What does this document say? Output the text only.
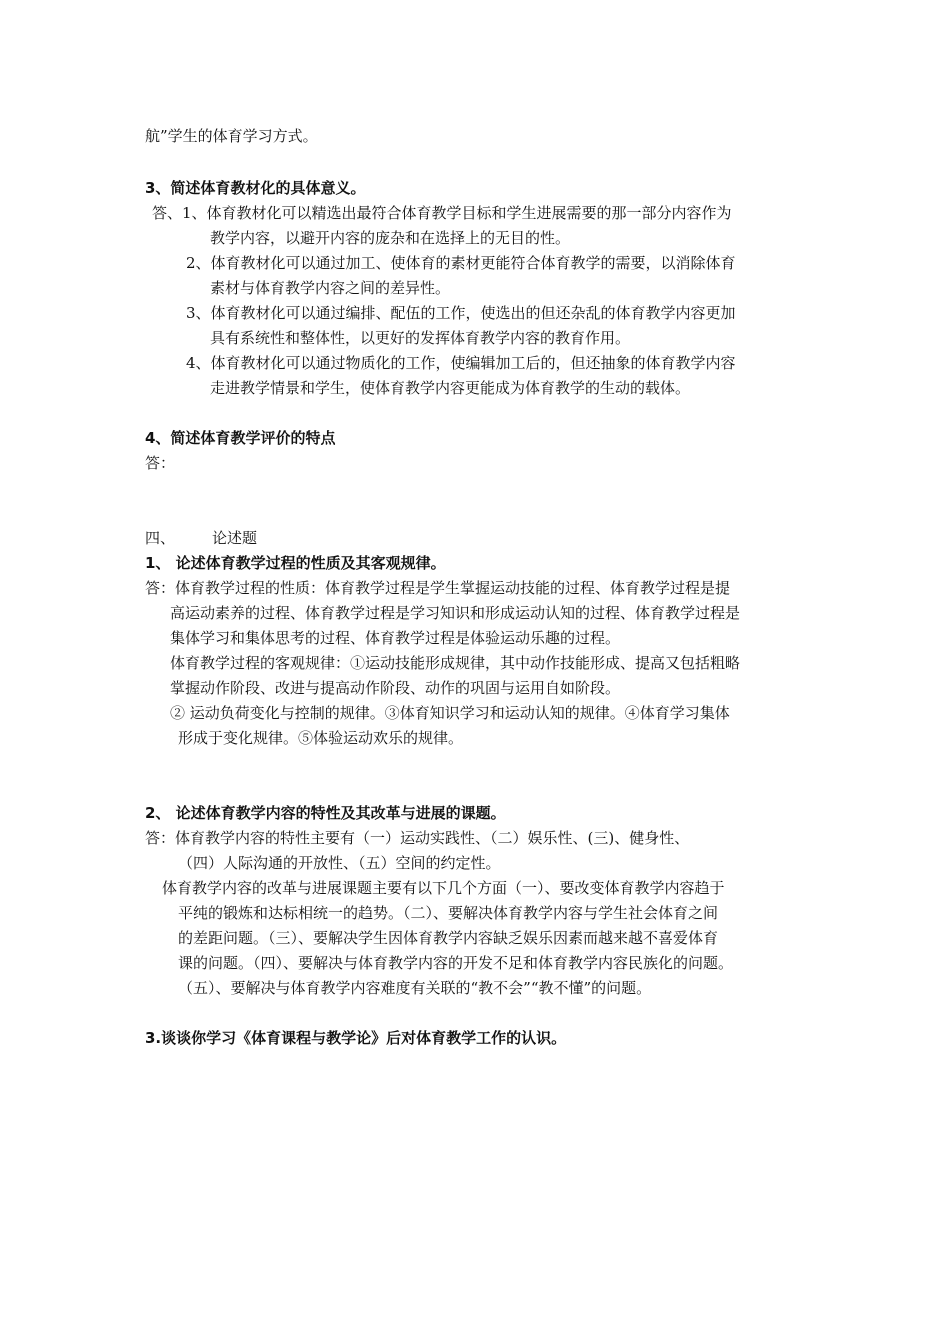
航”学生的体育学习方式。
3、简述体育教材化的具体意义。
答、1、体育教材化可以精选出最符合体育教学目标和学生进展需要的那一部分内容作为
教学内容，以避开内容的庞杂和在选择上的无目的性。
2、体育教材化可以通过加工、使体育的素材更能符合体育教学的需要，以消除体育
素材与体育教学内容之间的差异性。
3、体育教材化可以通过编排、配伍的工作，使选出的但还杂乱的体育教学内容更加
具有系统性和整体性，以更好的发挥体育教学内容的教育作用。
4、体育教材化可以通过物质化的工作，使编辑加工后的，但还抽象的体育教学内容
走进教学情景和学生，使体育教学内容更能成为体育教学的生动的载体。
4、简述体育教学评价的特点
答：
四、 论述题
1、 论述体育教学过程的性质及其客观规律。
答：体育教学过程的性质：体育教学过程是学生掌握运动技能的过程、体育教学过程是提
高运动素养的过程、体育教学过程是学习知识和形成运动认知的过程、体育教学过程是
集体学习和集体思考的过程、体育教学过程是体验运动乐趣的过程。
体育教学过程的客观规律：①运动技能形成规律，其中动作技能形成、提高又包括粗略
掌握动作阶段、改进与提高动作阶段、动作的巩固与运用自如阶段。
② 运动负荷变化与控制的规律。③体育知识学习和运动认知的规律。④体育学习集体
形成于变化规律。⑤体验运动欢乐的规律。
2、 论述体育教学内容的特性及其改革与进展的课题。
答：体育教学内容的特性主要有（一）运动实践性、（二）娱乐性、(三)、健身性、
（四）人际沟通的开放性、（五）空间的约定性。
体育教学内容的改革与进展课题主要有以下几个方面（一）、要改变体育教学内容趋于
平纯的锻炼和达标相统一的趋势。（二）、要解决体育教学内容与学生社会体育之间
的差距问题。（三）、要解决学生因体育教学内容缺乏娱乐因素而越来越不喜爱体育
课的问题。（四）、要解决与体育教学内容的开发不足和体育教学内容民族化的问题。
（五）、要解决与体育教学内容难度有关联的“教不会”“教不懂”的问题。
3.谈谈你学习《体育课程与教学论》后对体育教学工作的认识。
